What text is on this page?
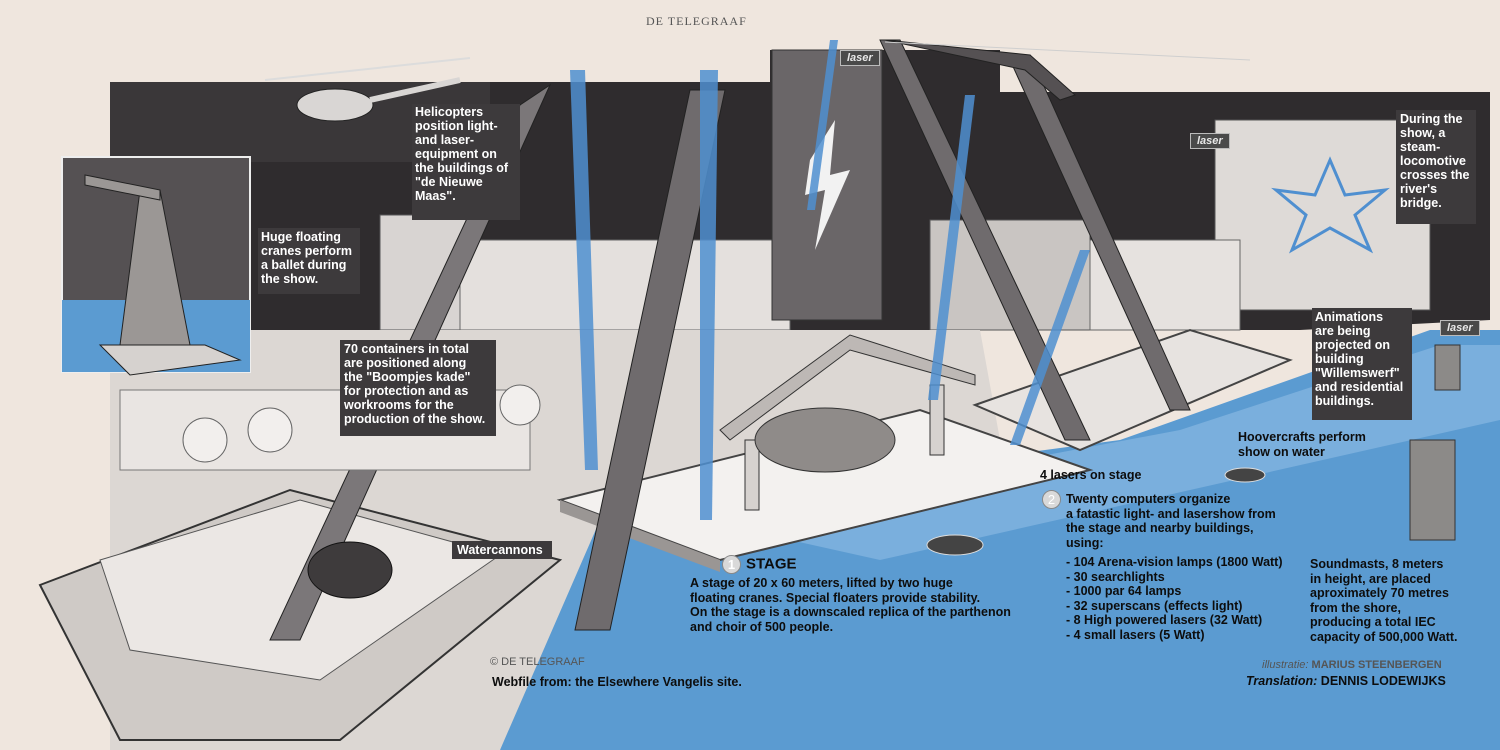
DE TELEGRAAF
laser
laser
laser
Helicopters
position light-
and laser-
equipment on
the buildings of
"de Nieuwe
Maas".
Huge floating
cranes perform
a ballet during
the show.
70 containers in total
are positioned along
the "Boompjes kade"
for protection and as
workrooms for the
production of the show.
During the
show, a
steam-
locomotive
crosses the
river's
bridge.
Animations
are being
projected on
building
"Willemswerf"
and residential
buildings.
Hoovercrafts perform
show on water
4 lasers on stage
Watercannons
1 STAGE
A stage of 20 x 60 meters, lifted by two huge
floating cranes. Special floaters provide stability.
On the stage is a downscaled replica of the parthenon
and choir of 500 people.
2 Twenty computers organize
a fatastic light- and lasershow from
the stage and nearby buildings,
using:
- 104 Arena-vision lamps (1800 Watt)
- 30 searchlights
- 1000 par 64 lamps
- 32 superscans (effects light)
- 8 High powered lasers (32 Watt)
- 4 small lasers (5 Watt)
Soundmasts, 8 meters
in height, are placed
aproximately 70 metres
from the shore,
producing a total IEC
capacity of 500,000 Watt.
© DE TELEGRAAF
Webfile from: the Elsewhere Vangelis site.
illustratie: MARIUS STEENBERGEN
Translation: DENNIS LODEWIJKS
